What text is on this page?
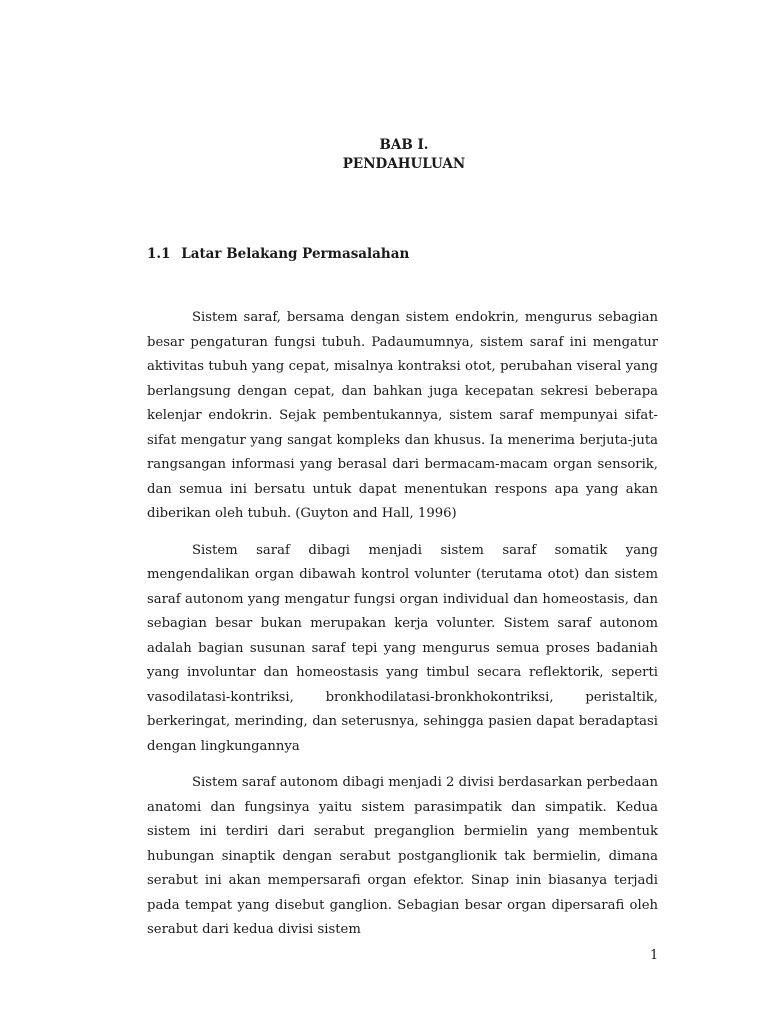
BAB I.
PENDAHULUAN
1.1 Latar Belakang Permasalahan

Sistem saraf, bersama dengan sistem endokrin, mengurus sebagian besar pengaturan fungsi tubuh. Padaumumnya, sistem saraf ini mengatur aktivitas tubuh yang cepat, misalnya kontraksi otot, perubahan viseral yang berlangsung dengan cepat, dan bahkan juga kecepatan sekresi beberapa kelenjar endokrin. Sejak pembentukannya, sistem saraf mempunyai sifat-sifat mengatur yang sangat kompleks dan khusus. Ia menerima berjuta-juta rangsangan informasi yang berasal dari bermacam-macam organ sensorik, dan semua ini bersatu untuk dapat menentukan respons apa yang akan diberikan oleh tubuh. (Guyton and Hall, 1996)

Sistem saraf dibagi menjadi sistem saraf somatik yang mengendalikan organ dibawah kontrol volunter (terutama otot) dan sistem saraf autonom yang mengatur fungsi organ individual dan homeostasis, dan sebagian besar bukan merupakan kerja volunter. Sistem saraf autonom adalah bagian susunan saraf tepi yang mengurus semua proses badaniah yang involuntar dan homeostasis yang timbul secara reflektorik, seperti vasodilatasi-kontriksi, bronkhodilatasi-bronkhokontriksi, peristaltik, berkeringat, merinding, dan seterusnya, sehingga pasien dapat beradaptasi dengan lingkungannya

Sistem saraf autonom dibagi menjadi 2 divisi berdasarkan perbedaan anatomi dan fungsinya yaitu sistem parasimpatik dan simpatik. Kedua sistem ini terdiri dari serabut preganglion bermielin yang membentuk hubungan sinaptik dengan serabut postganglionik tak bermielin, dimana serabut ini akan mempersarafi organ efektor. Sinap inin biasanya terjadi pada tempat yang disebut ganglion. Sebagian besar organ dipersarafi oleh serabut dari kedua divisi sistem

1
